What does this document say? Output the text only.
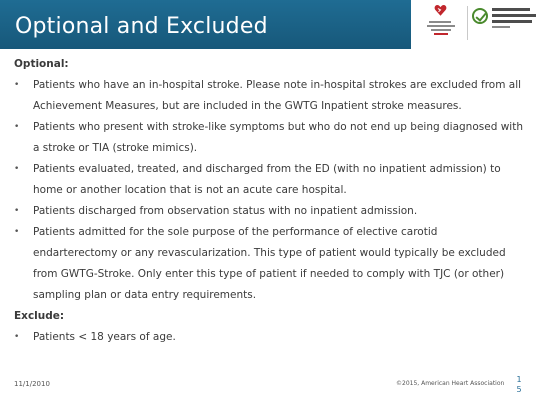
Optional and Excluded
Optional:
• Patients who have an in-hospital stroke. Please note in-hospital strokes are excluded from all Achievement Measures, but are included in the GWTG Inpatient stroke measures.
• Patients who present with stroke-like symptoms but who do not end up being diagnosed with a stroke or TIA (stroke mimics).
• Patients evaluated, treated, and discharged from the ED (with no inpatient admission) to home or another location that is not an acute care hospital.
• Patients discharged from observation status with no inpatient admission.
• Patients admitted for the sole purpose of the performance of elective carotid endarterectomy or any revascularization. This type of patient would typically be excluded from GWTG-Stroke. Only enter this type of patient if needed to comply with TJC (or other) sampling plan or data entry requirements.
Exclude:
• Patients < 18 years of age.
11/1/2010	©2015, American Heart Association	1
5
